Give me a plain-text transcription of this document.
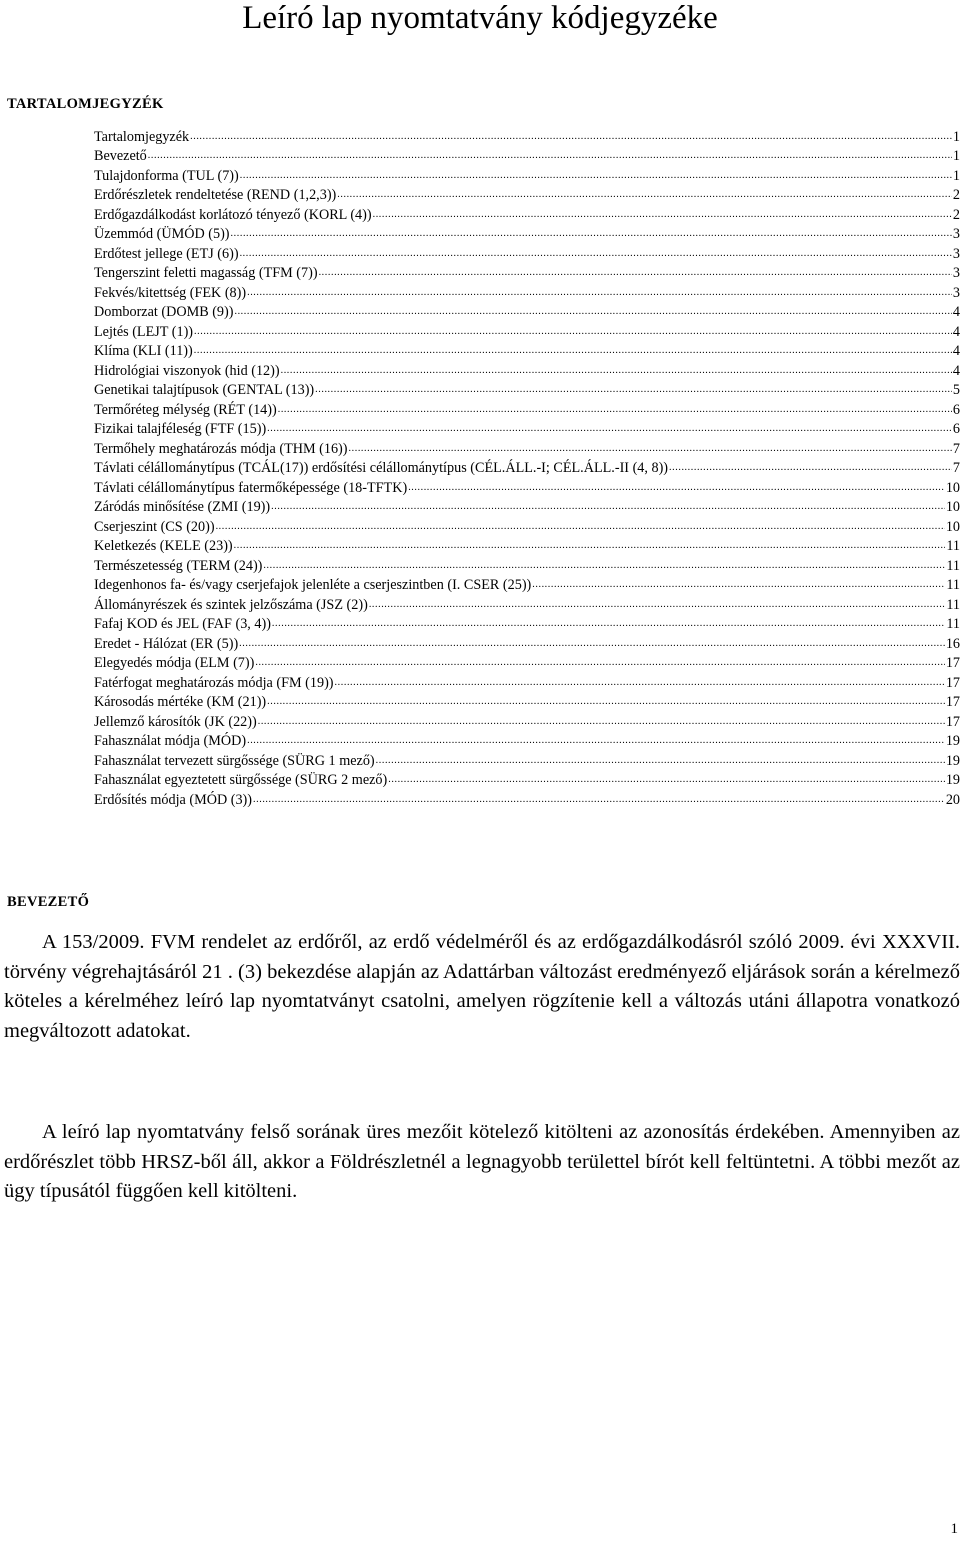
Leíró lap nyomtatvány kódjegyzéke
TARTALOMJEGYZÉK
Tartalomjegyzék .....	1
Bevezető .....	1
Tulajdonforma (TUL (7)) .....	1
Erdőrészletek rendeltetése (REND (1,2,3)) .....	2
Erdőgazdálkodást korlátozó tényező (KORL (4)) .....	2
Üzemmód (ÜMÓD (5)) .....	3
Erdőtest jellege (ETJ (6)) .....	3
Tengerszint feletti magasság (TFM (7)) .....	3
Fekvés/kitettség (FEK (8)) .....	3
Domborzat (DOMB (9)) .....	4
Lejtés (LEJT (1)) .....	4
Klíma (KLI (11)) .....	4
Hidrológiai viszonyok (hid (12)) .....	4
Genetikai talajtípusok (GENTAL (13)) .....	5
Termőréteg mélység (RÉT (14)) .....	6
Fizikai talajféleség (FTF (15)) .....	6
Termőhely meghatározás módja (THM (16)) .....	7
Távlati célállománytípus (TCÁL(17)) erdősítési célállománytípus (CÉL.ÁLL.-I; CÉL.ÁLL.-II (4, 8)) .....	7
Távlati célállománytípus fatermőképessége (18-TFTK) .....	10
Záródás minősítése (ZMI (19)) .....	10
Cserjeszint (CS (20)) .....	10
Keletkezés (KELE (23)) .....	11
Természetesség (TERM (24)) .....	11
Idegenhonos fa- és/vagy cserjefajok jelenléte a cserjeszintben (I. CSER (25)) .....	11
Állományrészek és szintek jelzőszáma (JSZ (2)) .....	11
Fafaj KOD és JEL (FAF (3, 4)) .....	11
Eredet - Hálózat (ER (5)) .....	16
Elegyedés módja (ELM (7)) .....	17
Fatérfogat meghatározás módja (FM (19)) .....	17
Károsodás mértéke (KM (21)) .....	17
Jellemző károsítók (JK (22)) .....	17
Fahasználat módja (MÓD) .....	19
Fahasználat tervezett sürgőssége (SÜRG 1 mező) .....	19
Fahasználat egyeztetett sürgőssége (SÜRG 2 mező) .....	19
Erdősítés módja (MÓD (3)) .....	20
BEVEZETŐ
A 153/2009. FVM rendelet az erdőről, az erdő védelméről és az erdőgazdálkodásról szóló 2009. évi XXXVII. törvény végrehajtásáról 21 . (3) bekezdése alapján az Adattárban változást eredményező eljárások során a kérelmező köteles a kérelméhez leíró lap nyomtatványt csatolni, amelyen rögzítenie kell a változás utáni állapotra vonatkozó megváltozott adatokat.
A leíró lap nyomtatvány felső sorának üres mezőit kötelező kitölteni az azonosítás érdekében. Amennyiben az erdőrészlet több HRSZ-ből áll, akkor a Földrészletnél a legnagyobb területtel bírót kell feltüntetni. A többi mezőt az ügy típusától függően kell kitölteni.
1
